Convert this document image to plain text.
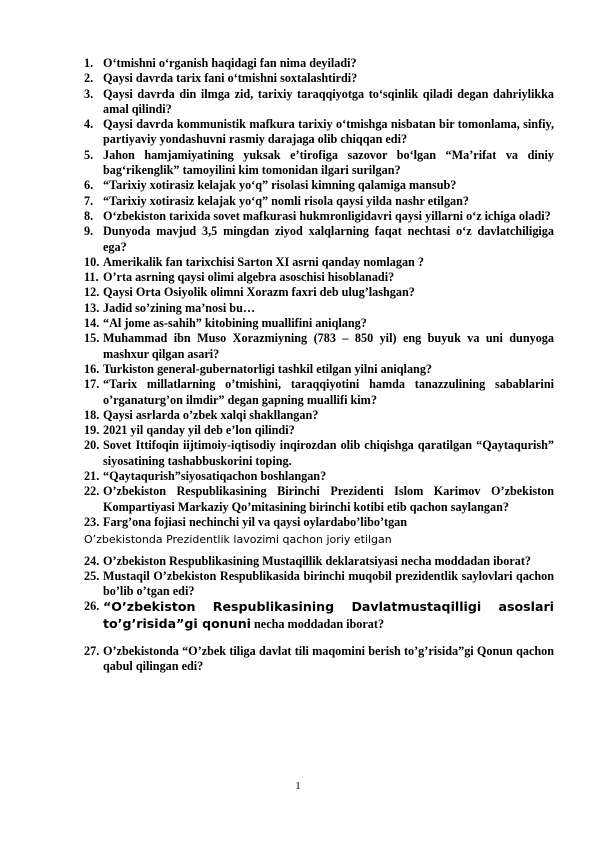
1. O‘tmishni o‘rganish haqidagi fan nima deyiladi?
2. Qaysi davrda tarix fani o‘tmishni soxtalashtirdi?
3. Qaysi davrda din ilmga zid, tarixiy taraqqiyotga to‘sqinlik qiladi degan dahriylikka amal qilindi?
4. Qaysi davrda kommunistik mafkura tarixiy o‘tmishga nisbatan bir tomonlama, sinfiy, partiyaviy yondashuvni rasmiy darajaga olib chiqqan edi?
5. Jahon hamjamiyatining yuksak e’tirofiga sazovor bo‘lgan “Ma’rifat va diniy bag‘rikenglik” tamoyilini kim tomonidan ilgari surilgan?
6. “Tarixiy xotirasiz kelajak yo‘q” risolasi kimning qalamiga mansub?
7. “Tarixiy xotirasiz kelajak yo‘q” nomli risola qaysi yilda nashr etilgan?
8. O‘zbekiston tarixida sovet mafkurasi hukmronligidavri qaysi yillarni o‘z ichiga oladi?
9. Dunyoda mavjud 3,5 mingdan ziyod xalqlarning faqat nechtasi o‘z davlatchiligiga ega?
10. Amerikalik fan tarixchisi Sarton XI asrni qanday nomlagan ?
11. O’rta asrning qaysi olimi algebra asoschisi hisoblanadi?
12. Qaysi Orta Osiyolik olimni Xorazm faxri deb ulug’lashgan?
13. Jadid so’zining ma’nosi bu…
14. “Al jome as-sahih” kitobining muallifini aniqlang?
15. Muhammad ibn Muso Xorazmiyning (783 – 850 yil) eng buyuk va uni dunyoga mashxur qilgan asari?
16. Turkiston general-gubernatorligi tashkil etilgan yilni aniqlang?
17. “Tarix millatlarning o’tmishini, taraqqiyotini hamda tanazzulining sabablarini o’rganaturg’on ilmdir” degan gapning muallifi kim?
18. Qaysi asrlarda o’zbek xalqi shakllangan?
19. 2021 yil qanday yil deb e’lon qilindi?
20. Sovet Ittifoqin iijtimoiy-iqtisodiy inqirozdan olib chiqishga qaratilgan “Qaytaqurish” siyosatining tashabbuskorini toping.
21. “Qaytaqurish”siyosatiqachon boshlangan?
22. O’zbekiston Respublikasining Birinchi Prezidenti Islom Karimov O’zbekiston Kompartiyasi Markaziy Qo’mitasining birinchi kotibi etib qachon saylangan?
23. Farg’ona fojiasi nechinchi yil va qaysi oylardabo’libo’tgan
O’zbekistonda Prezidentlik lavozimi qachon joriy etilgan
24. O’zbekiston Respublikasining Mustaqillik deklaratsiyasi necha moddadan iborat?
25. Mustaqil O’zbekiston Respublikasida birinchi muqobil prezidentlik saylovlari qachon bo’lib o’tgan edi?
26. “O’zbekiston Respublikasining Davlatmustaqilligi asoslari to’g’risida”gi qonuni necha moddadan iborat?
27. O’zbekistonda “O’zbek tiliga davlat tili maqomini berish to’g’risida”gi Qonun qachon qabul qilingan edi?
1
